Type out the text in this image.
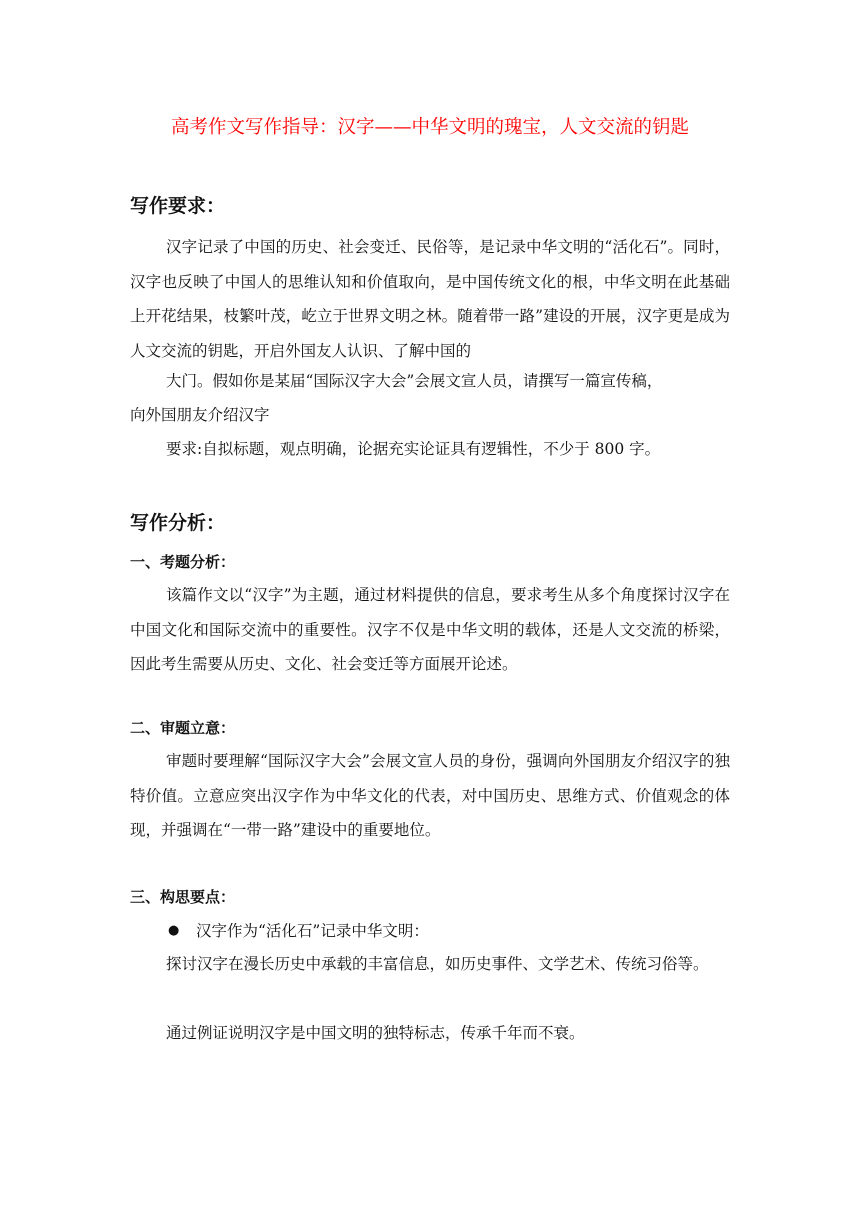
高考作文写作指导：汉字——中华文明的瑰宝，人文交流的钥匙
写作要求：
汉字记录了中国的历史、社会变迁、民俗等，是记录中华文明的“活化石”。同时，汉字也反映了中国人的思维认知和价值取向，是中国传统文化的根，中华文明在此基础上开花结果，枝繁叶茂，屹立于世界文明之林。随着带一路”建设的开展，汉字更是成为人文交流的钥匙，开启外国友人认识、了解中国的
大门。假如你是某届“国际汉字大会”会展文宣人员，请撰写一篇宣传稿，
向外国朋友介绍汉字
要求:自拟标题，观点明确，论据充实论证具有逻辑性，不少于 800 字。
写作分析：
一、考题分析：
该篇作文以“汉字”为主题，通过材料提供的信息，要求考生从多个角度探讨汉字在中国文化和国际交流中的重要性。汉字不仅是中华文明的载体，还是人文交流的桥梁，因此考生需要从历史、文化、社会变迁等方面展开论述。
二、审题立意：
审题时要理解“国际汉字大会”会展文宣人员的身份，强调向外国朋友介绍汉字的独特价值。立意应突出汉字作为中华文化的代表，对中国历史、思维方式、价值观念的体现，并强调在“一带一路”建设中的重要地位。
三、构思要点：
● 汉字作为“活化石”记录中华文明：
探讨汉字在漫长历史中承载的丰富信息，如历史事件、文学艺术、传统习俗等。
通过例证说明汉字是中国文明的独特标志，传承千年而不衰。
